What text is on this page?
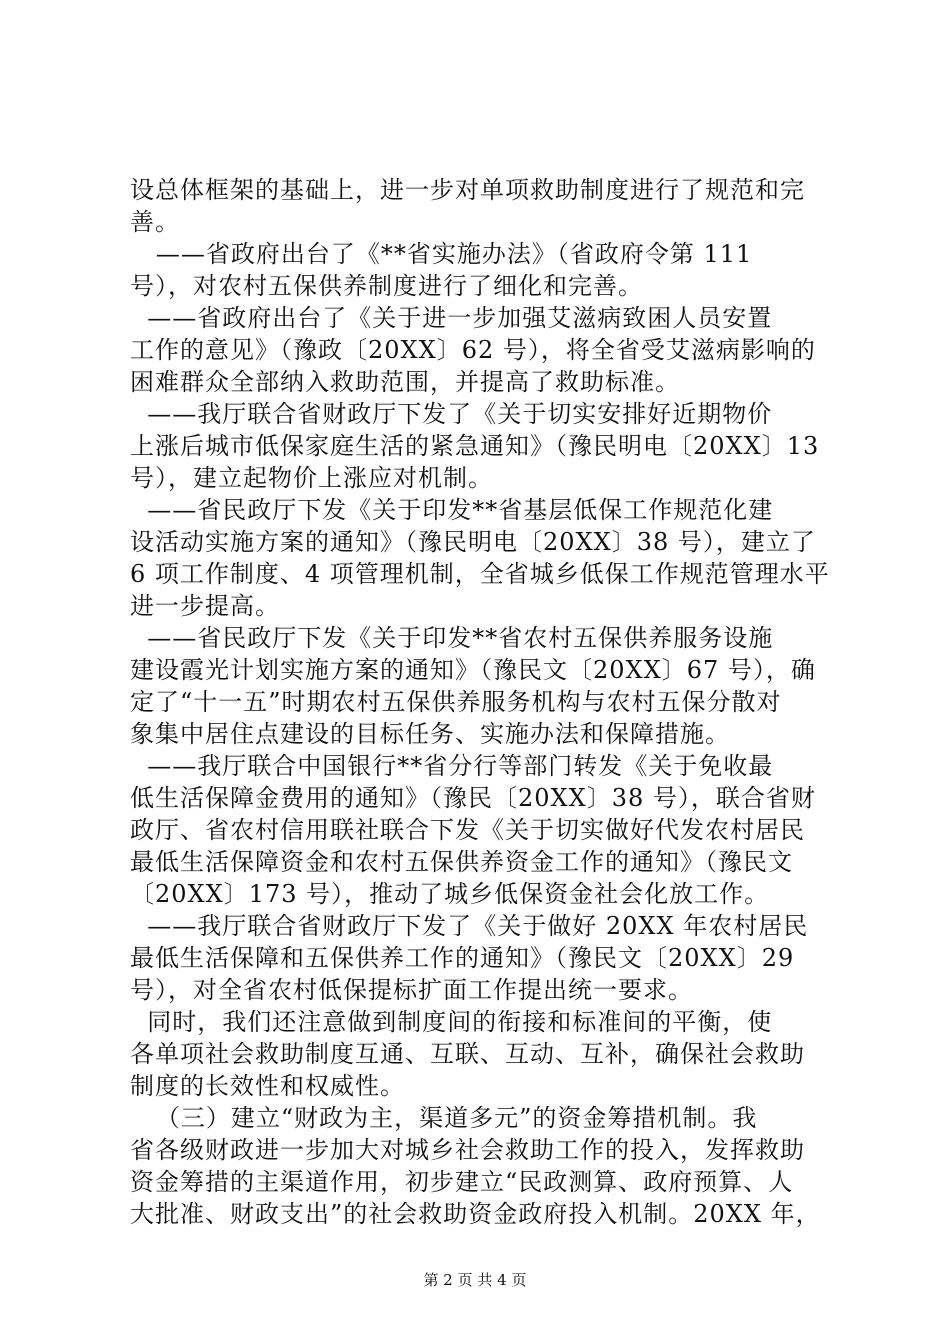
设总体框架的基础上，进一步对单项救助制度进行了规范和完
善。
——省政府出台了《**省实施办法》（省政府令第 111
号），对农村五保供养制度进行了细化和完善。
——省政府出台了《关于进一步加强艾滋病致困人员安置
工作的意见》（豫政〔20XX〕62 号），将全省受艾滋病影响的
困难群众全部纳入救助范围，并提高了救助标准。
——我厅联合省财政厅下发了《关于切实安排好近期物价
上涨后城市低保家庭生活的紧急通知》（豫民明电〔20XX〕13
号），建立起物价上涨应对机制。
——省民政厅下发《关于印发**省基层低保工作规范化建
设活动实施方案的通知》（豫民明电〔20XX〕38 号），建立了
6 项工作制度、4 项管理机制，全省城乡低保工作规范管理水平
进一步提高。
——省民政厅下发《关于印发**省农村五保供养服务设施
建设霞光计划实施方案的通知》（豫民文〔20XX〕67 号），确
定了“十一五”时期农村五保供养服务机构与农村五保分散对
象集中居住点建设的目标任务、实施办法和保障措施。
——我厅联合中国银行**省分行等部门转发《关于免收最
低生活保障金费用的通知》（豫民〔20XX〕38 号），联合省财
政厅、省农村信用联社联合下发《关于切实做好代发农村居民
最低生活保障资金和农村五保供养资金工作的通知》（豫民文
〔20XX〕173 号），推动了城乡低保资金社会化放工作。
——我厅联合省财政厅下发了《关于做好 20XX 年农村居民
最低生活保障和五保供养工作的通知》（豫民文〔20XX〕29
号），对全省农村低保提标扩面工作提出统一要求。
同时，我们还注意做到制度间的衔接和标准间的平衡，使
各单项社会救助制度互通、互联、互动、互补，确保社会救助
制度的长效性和权威性。
（三）建立“财政为主，渠道多元”的资金筹措机制。我
省各级财政进一步加大对城乡社会救助工作的投入，发挥救助
资金筹措的主渠道作用，初步建立“民政测算、政府预算、人
大批准、财政支出”的社会救助资金政府投入机制。20XX 年，
第 2 页 共 4 页
